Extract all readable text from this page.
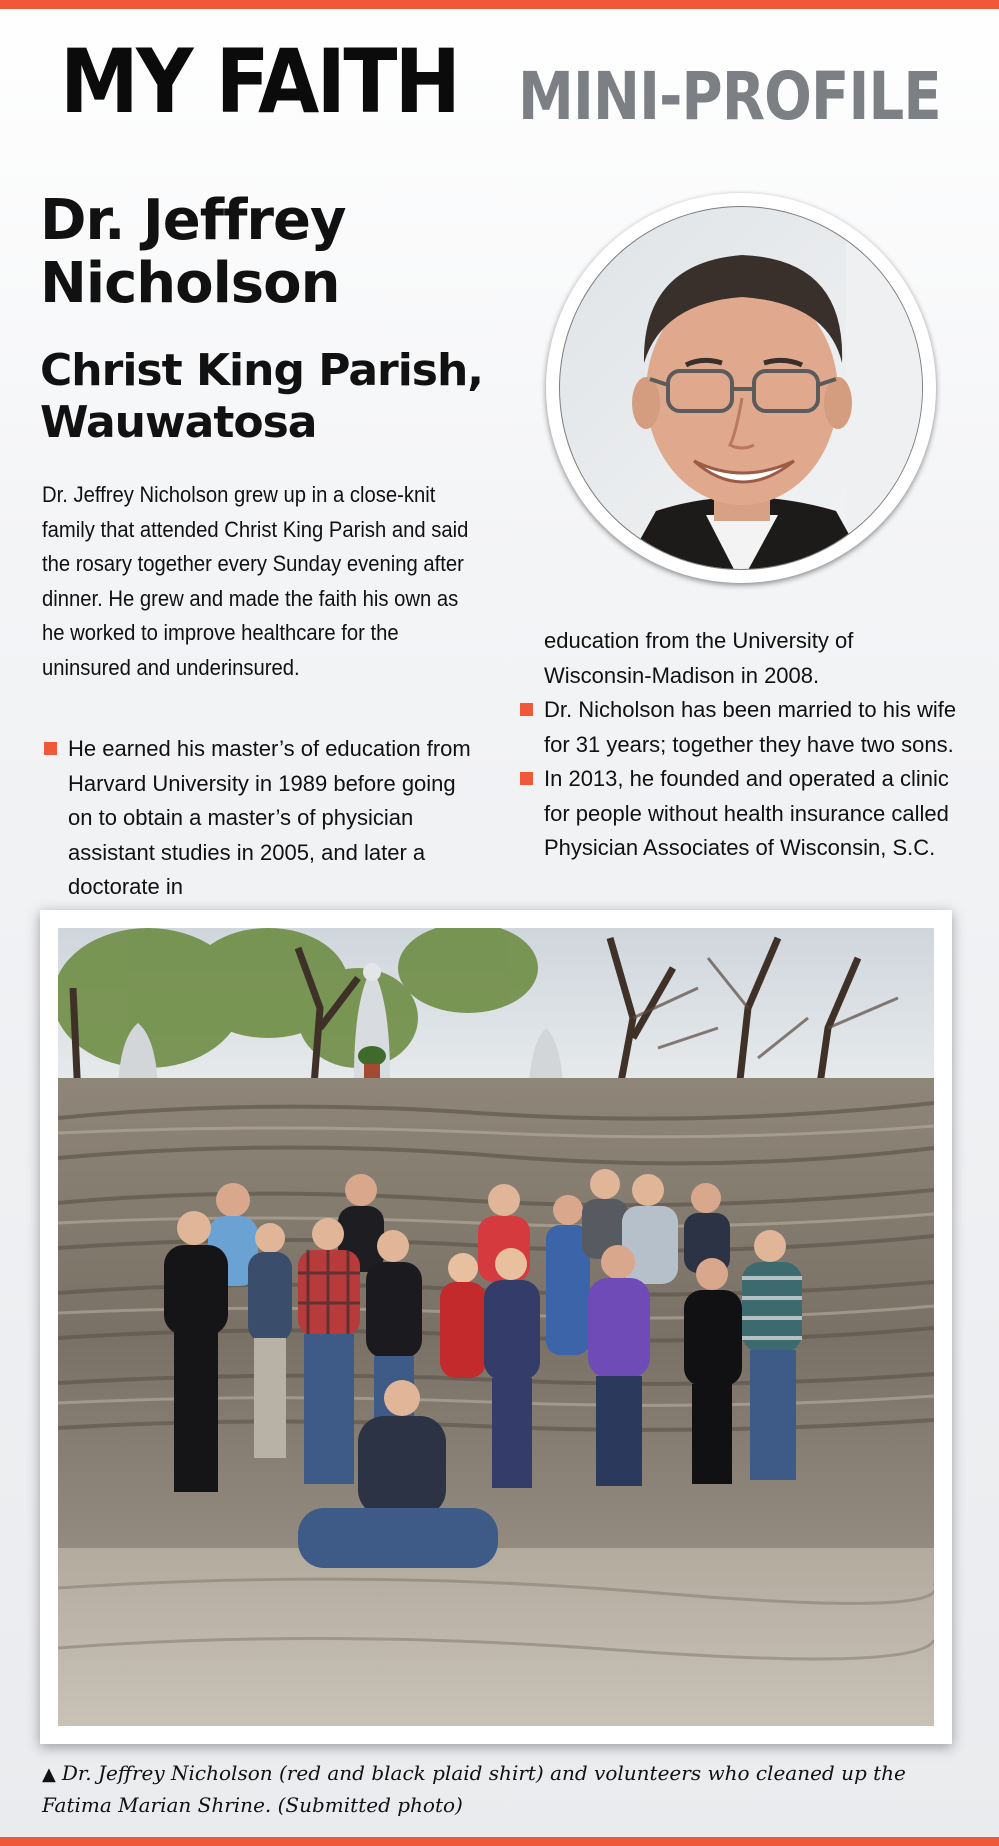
MY FAITH MINI-PROFILE
Dr. Jeffrey Nicholson
Christ King Parish, Wauwatosa

Dr. Jeffrey Nicholson grew up in a close-knit family that attended Christ King Parish and said the rosary together every Sunday evening after dinner. He grew and made the faith his own as he worked to improve healthcare for the uninsured and underinsured.

He earned his master’s of education from Harvard University in 1989 before going on to obtain a master’s of physician assistant studies in 2005, and later a doctorate in
education from the University of Wisconsin-Madison in 2008.
Dr. Nicholson has been married to his wife for 31 years; together they have two sons.
In 2013, he founded and operated a clinic for people without health insurance called Physician Associates of Wisconsin, S.C.

▲ Dr. Jeffrey Nicholson (red and black plaid shirt) and volunteers who cleaned up the Fatima Marian Shrine. (Submitted photo)
